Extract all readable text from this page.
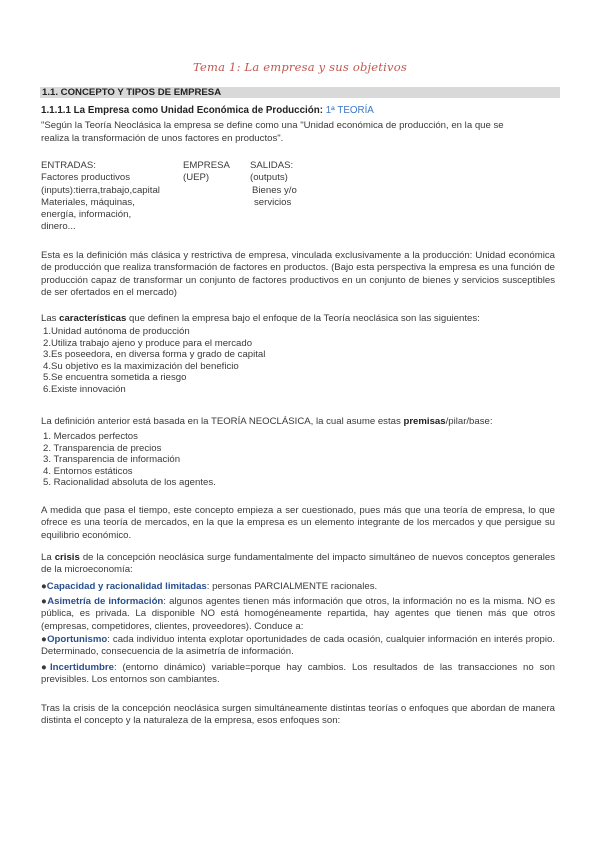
Tema 1: La empresa y sus objetivos
1.1. CONCEPTO Y TIPOS DE EMPRESA
1.1.1.1 La Empresa como Unidad Económica de Producción: 1ª TEORÍA
"Según la Teoría Neoclásica la empresa se define como una "Unidad económica de producción, en la que se
realiza la transformación de unos factores en productos".
ENTRADAS:
Factores productivos
(inputs):tierra,trabajo,capital
Materiales, máquinas,
energía, información,
dinero...
EMPRESA
(UEP)
SALIDAS:
(outputs)
Bienes y/o
servicios
Esta es la definición más clásica y restrictiva de empresa, vinculada exclusivamente a la producción: Unidad económica de producción que realiza transformación de factores en productos. (Bajo esta perspectiva la empresa es una función de producción capaz de transformar un conjunto de factores productivos en un conjunto de bienes y servicios susceptibles de ser ofertados en el mercado)
Las características que definen la empresa bajo el enfoque de la Teoría neoclásica son las siguientes:
1.Unidad autónoma de producción
2.Utiliza trabajo ajeno y produce para el mercado
3.Es poseedora, en diversa forma y grado de capital
4.Su objetivo es la maximización del beneficio
5.Se encuentra sometida a riesgo
6.Existe innovación
La definición anterior está basada en la TEORÍA NEOCLÁSICA, la cual asume estas premisas/pilar/base:
1. Mercados perfectos
2. Transparencia de precios
3. Transparencia de información
4. Entornos estáticos
5. Racionalidad absoluta de los agentes.
A medida que pasa el tiempo, este concepto empieza a ser cuestionado, pues más que una teoría de empresa, lo que ofrece es una teoría de mercados, en la que la empresa es un elemento integrante de los mercados y que persigue su equilibrio económico.
La crisis de la concepción neoclásica surge fundamentalmente del impacto simultáneo de nuevos conceptos generales de la microeconomía:
●Capacidad y racionalidad limitadas: personas PARCIALMENTE racionales.
●Asimetría de información: algunos agentes tienen más información que otros, la información no es la misma. NO es pública, es privada. La disponible NO está homogéneamente repartida, hay agentes que tienen más que otros (empresas, competidores, clientes, proveedores). Conduce a:
●Oportunismo: cada individuo intenta explotar oportunidades de cada ocasión, cualquier información en interés propio. Determinado, consecuencia de la asimetría de información.
●Incertidumbre: (entorno dinámico) variable=porque hay cambios. Los resultados de las transacciones no son previsibles. Los entornos son cambiantes.
Tras la crisis de la concepción neoclásica surgen simultáneamente distintas teorías o enfoques que abordan de manera distinta el concepto y la naturaleza de la empresa, esos enfoques son:
